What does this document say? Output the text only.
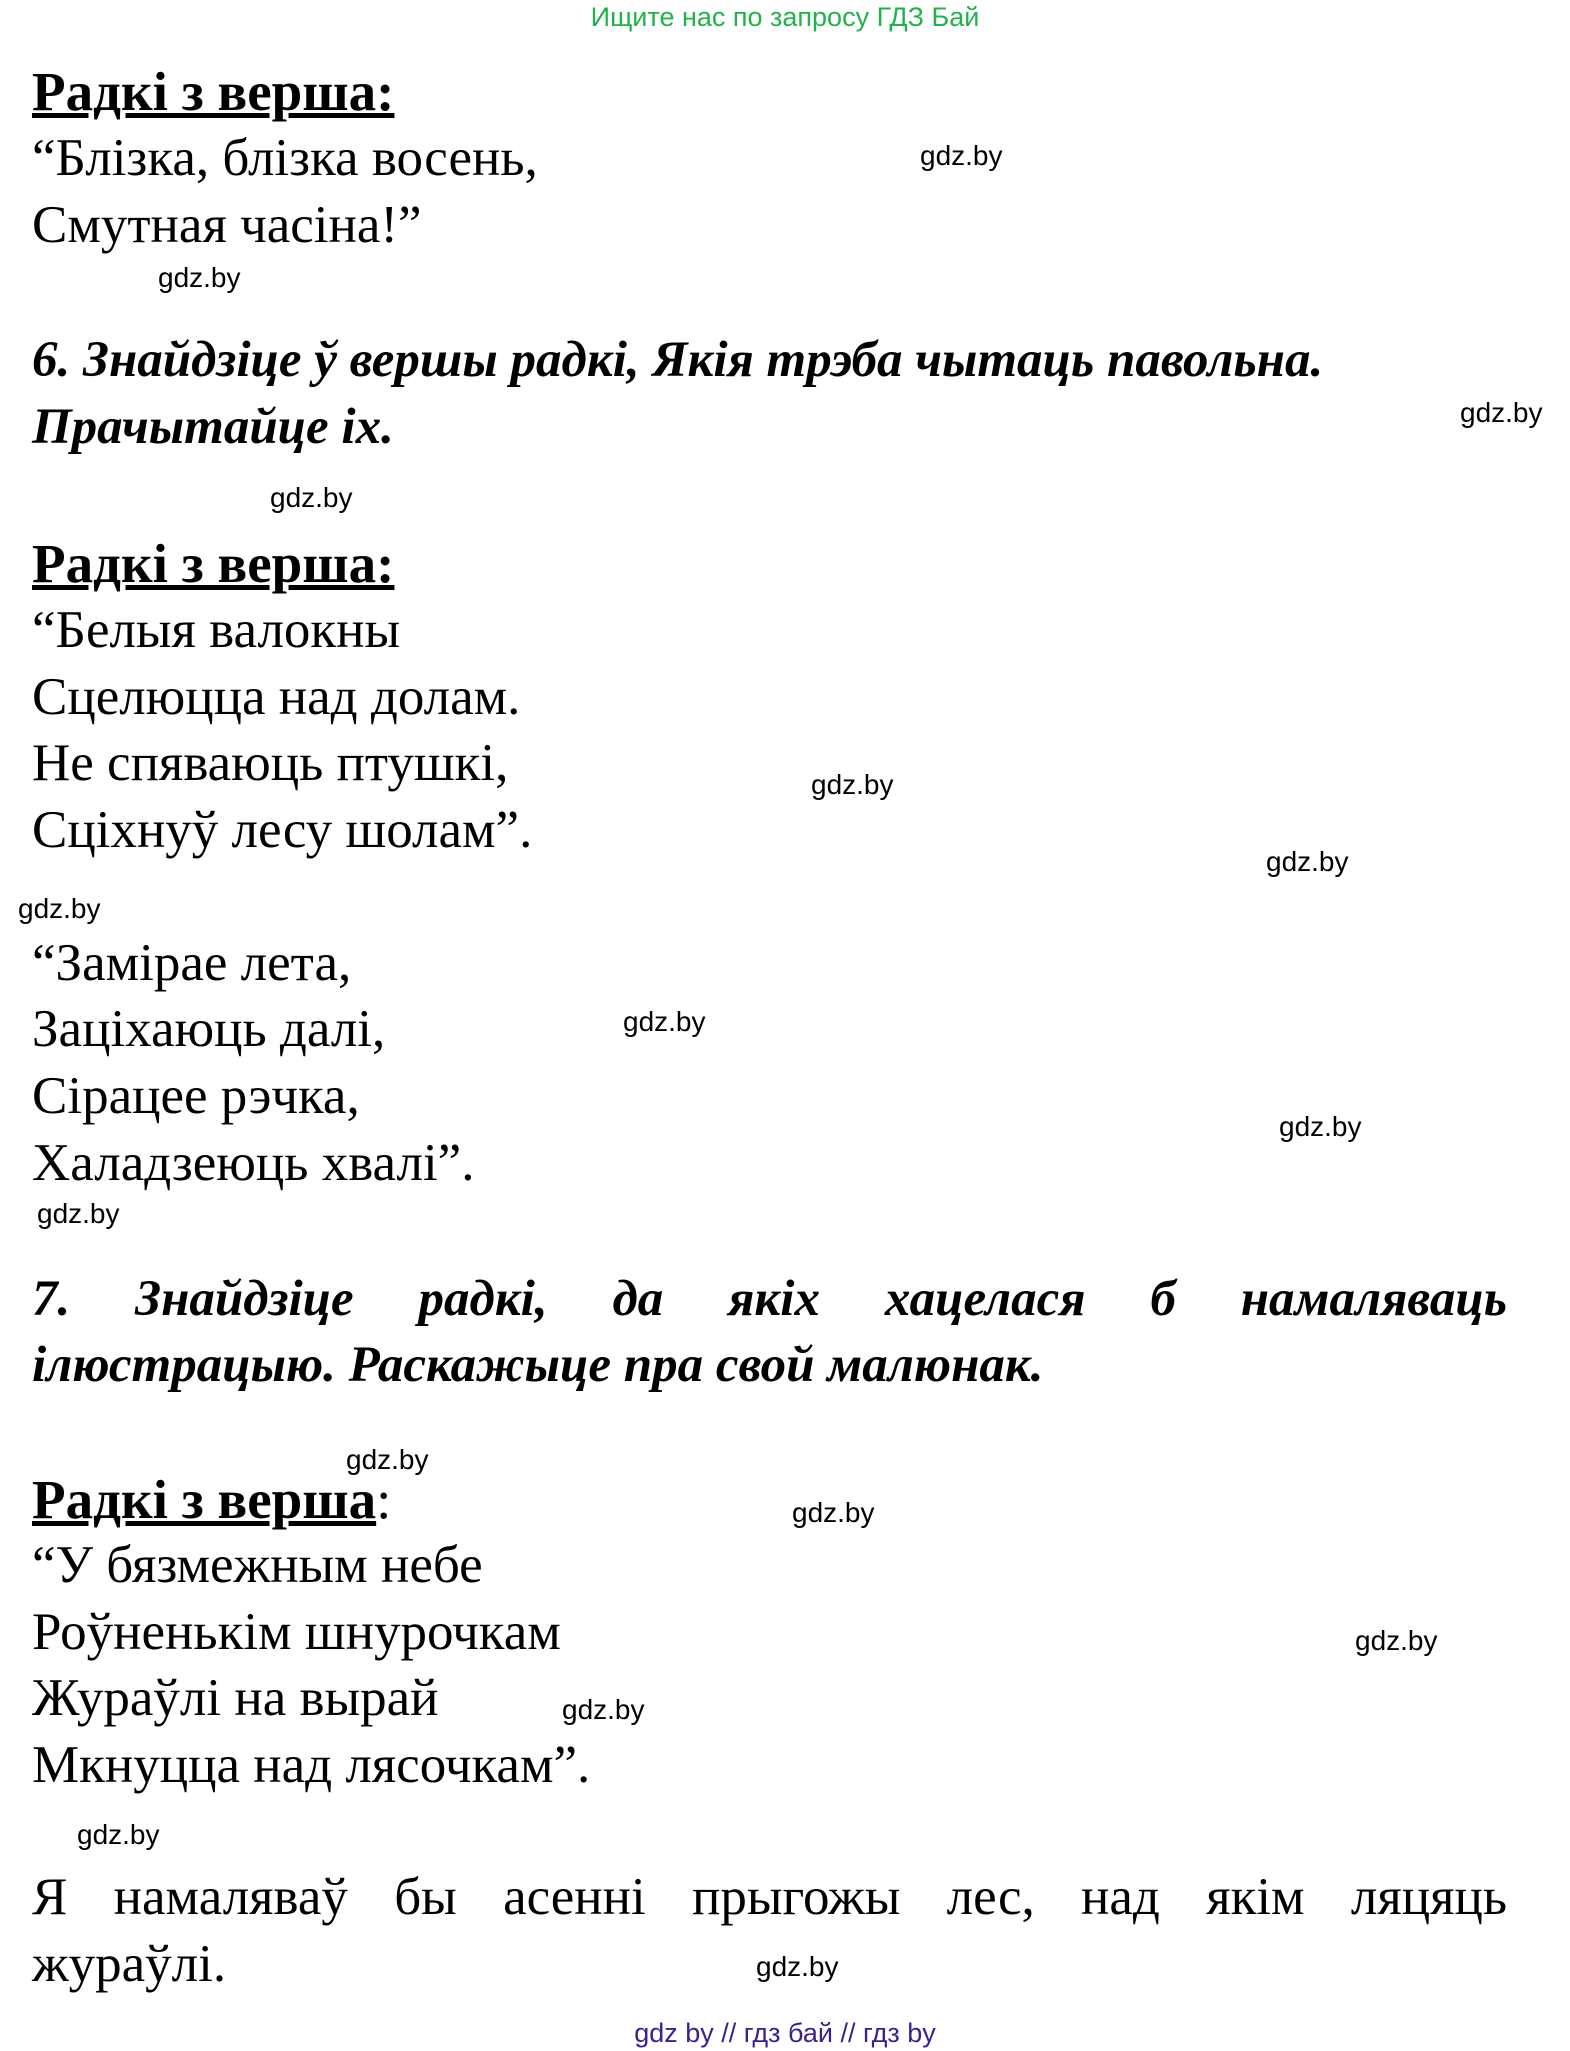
Ищите нас по запросу ГДЗ Бай
Радкі з верша:
“Блізка, блізка восень,
Смутная часіна!”
6. Знайдзіце ў вершы радкі, Якія трэба чытаць павольна.
Прачытайце іх.
Радкі з верша:
“Белыя валокны
Сцелюцца над долам.
Не спяваюць птушкі,
Сціхнуў лесу шолам”.
“Замірае лета,
Заціхаюць далі,
Сірацее рэчка,
Халадзеюць хвалі”.
7. Знайдзіце радкі, да якіх хацелася б намаляваць
ілюстрацыю. Раскажыце пра свой малюнак.
Радкі з верша:
“У бязмежным небе
Роўненькім шнурочкам
Жураўлі на вырай
Мкнуцца над лясочкам”.
Я намаляваў бы асенні прыгожы лес, над якім ляцяць
жураўлі.
gdz.by
gdz.by
gdz.by
gdz.by
gdz.by
gdz.by
gdz.by
gdz.by
gdz.by
gdz.by
gdz.by
gdz.by
gdz.by
gdz.by
gdz.by
gdz.by
gdz by // гдз бай // гдз by
